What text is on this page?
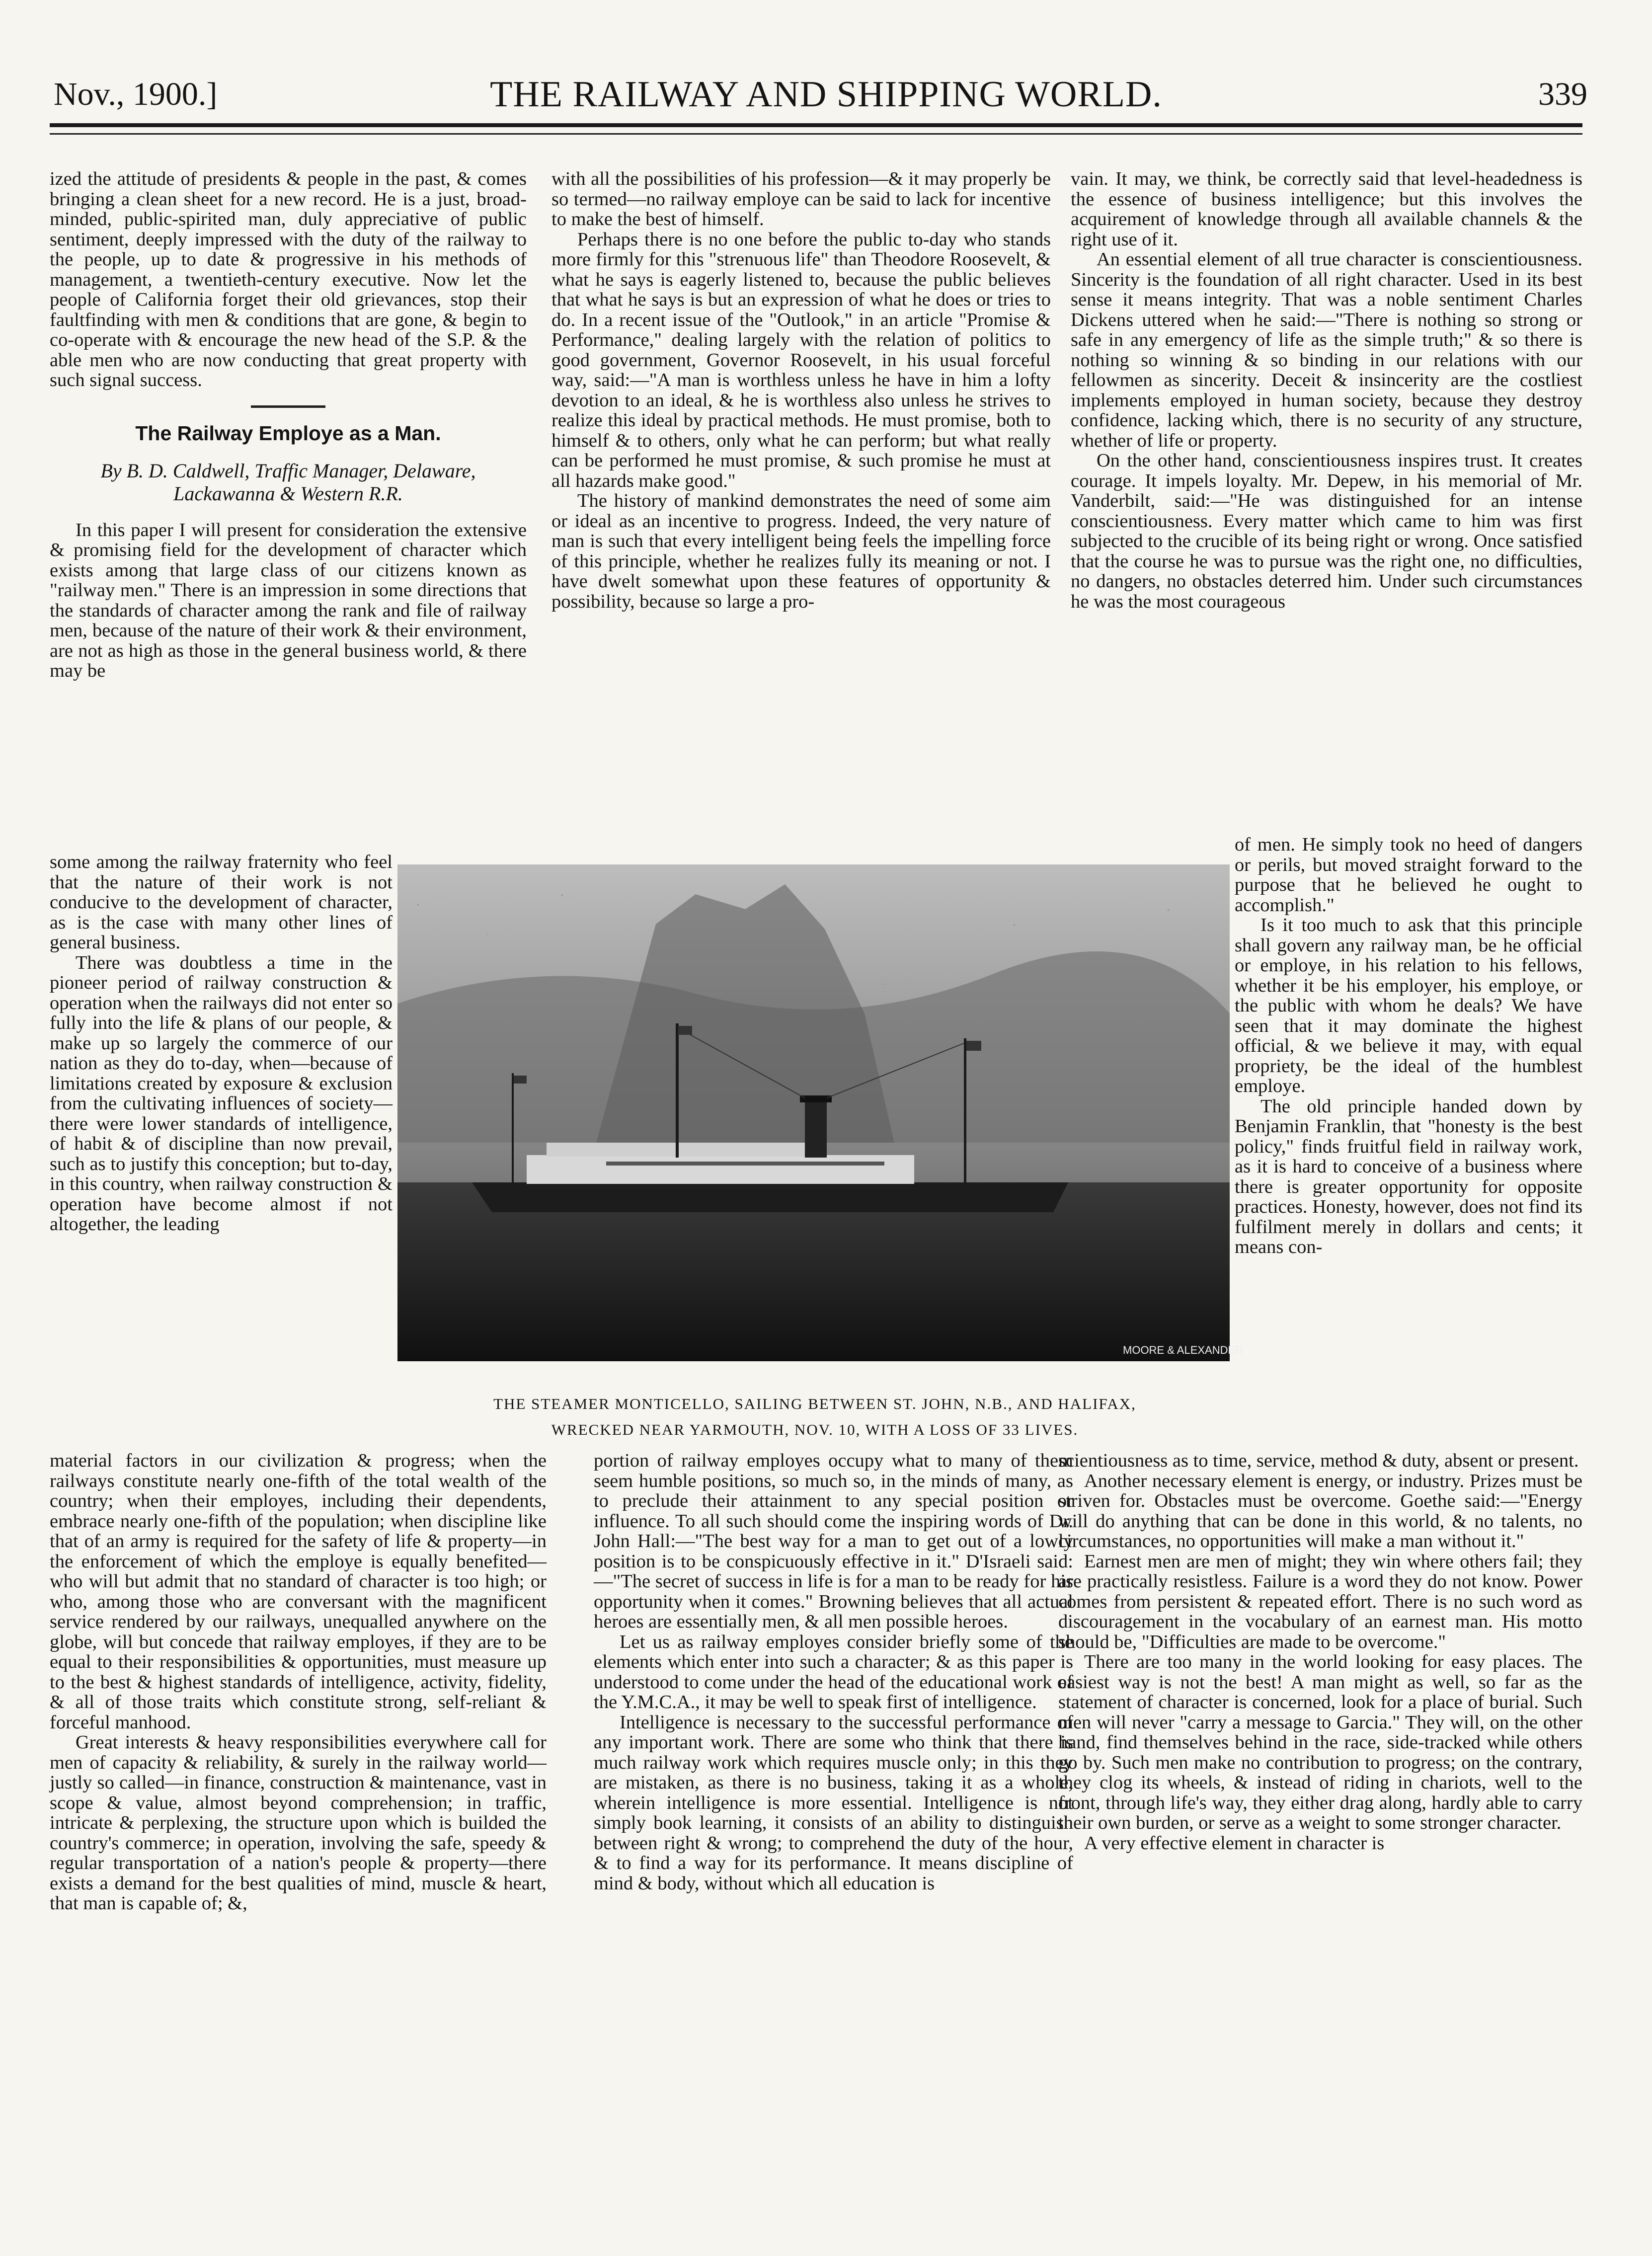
Nov., 1900.]	THE RAILWAY AND SHIPPING WORLD.	339

ized the attitude of presidents & people in the past, & comes bringing a clean sheet for a new record. He is a just, broad-minded, public-spirited man, duly appreciative of public sentiment, deeply impressed with the duty of the railway to the people, up to date & progressive in his methods of management, a twentieth-century executive. Now let the people of California forget their old grievances, stop their faultfinding with men & conditions that are gone, & begin to co-operate with & encourage the new head of the S.P. & the able men who are now conducting that great property with such signal success.

The Railway Employe as a Man.
By B. D. Caldwell, Traffic Manager, Delaware, Lackawanna & Western R.R.

In this paper I will present for consideration the extensive & promising field for the development of character which exists among that large class of our citizens known as "railway men." There is an impression in some directions that the standards of character among the rank and file of railway men, because of the nature of their work & their environment, are not as high as those in the general business world, & there may be

some among the railway fraternity who feel that the nature of their work is not conducive to the development of character, as is the case with many other lines of general business.

There was doubtless a time in the pioneer period of railway construction & operation when the railways did not enter so fully into the life & plans of our people, & make up so largely the commerce of our nation as they do to-day, when—because of limitations created by exposure & exclusion from the cultivating influences of society—there were lower standards of intelligence, of habit & of discipline than now prevail, such as to justify this conception; but to-day, in this country, when railway construction & operation have become almost if not altogether, the leading

with all the possibilities of his profession—& it may properly be so termed—no railway employe can be said to lack for incentive to make the best of himself.

Perhaps there is no one before the public to-day who stands more firmly for this "strenuous life" than Theodore Roosevelt, & what he says is eagerly listened to, because the public believes that what he says is but an expression of what he does or tries to do. In a recent issue of the "Outlook," in an article "Promise & Performance," dealing largely with the relation of politics to good government, Governor Roosevelt, in his usual forceful way, said:—"A man is worthless unless he have in him a lofty devotion to an ideal, & he is worthless also unless he strives to realize this ideal by practical methods. He must promise, both to himself & to others, only what he can perform; but what really can be performed he must promise, & such promise he must at all hazards make good."

The history of mankind demonstrates the need of some aim or ideal as an incentive to progress. Indeed, the very nature of man is such that every intelligent being feels the impelling force of this principle, whether he realizes fully its meaning or not. I have dwelt somewhat upon these features of opportunity & possibility, because so large a pro-

vain. It may, we think, be correctly said that level-headedness is the essence of business intelligence; but this involves the acquirement of knowledge through all available channels & the right use of it.

An essential element of all true character is conscientiousness. Sincerity is the foundation of all right character. Used in its best sense it means integrity. That was a noble sentiment Charles Dickens uttered when he said:—"There is nothing so strong or safe in any emergency of life as the simple truth;" & so there is nothing so winning & so binding in our relations with our fellowmen as sincerity. Deceit & insincerity are the costliest implements employed in human society, because they destroy confidence, lacking which, there is no security of any structure, whether of life or property.

On the other hand, conscientiousness inspires trust. It creates courage. It impels loyalty. Mr. Depew, in his memorial of Mr. Vanderbilt, said:—"He was distinguished for an intense conscientiousness. Every matter which came to him was first subjected to the crucible of its being right or wrong. Once satisfied that the course he was to pursue was the right one, no difficulties, no dangers, no obstacles deterred him. Under such circumstances he was the most courageous

of men. He simply took no heed of dangers or perils, but moved straight forward to the purpose that he believed he ought to accomplish."

Is it too much to ask that this principle shall govern any railway man, be he official or employe, in his relation to his fellows, whether it be his employer, his employe, or the public with whom he deals? We have seen that it may dominate the highest official, & we believe it may, with equal propriety, be the ideal of the humblest employe.

The old principle handed down by Benjamin Franklin, that "honesty is the best policy," finds fruitful field in railway work, as it is hard to conceive of a business where there is greater opportunity for opposite practices. Honesty, however, does not find its fulfilment merely in dollars and cents; it means con-

MOORE & ALEXANDER
THE STEAMER MONTICELLO, SAILING BETWEEN ST. JOHN, N.B., AND HALIFAX,
WRECKED NEAR YARMOUTH, NOV. 10, WITH A LOSS OF 33 LIVES.

material factors in our civilization & progress; when the railways constitute nearly one-fifth of the total wealth of the country; when their employes, including their dependents, embrace nearly one-fifth of the population; when discipline like that of an army is required for the safety of life & property—in the enforcement of which the employe is equally benefited—who will but admit that no standard of character is too high; or who, among those who are conversant with the magnificent service rendered by our railways, unequalled anywhere on the globe, will but concede that railway employes, if they are to be equal to their responsibilities & opportunities, must measure up to the best & highest standards of intelligence, activity, fidelity, & all of those traits which constitute strong, self-reliant & forceful manhood.

Great interests & heavy responsibilities everywhere call for men of capacity & reliability, & surely in the railway world—justly so called—in finance, construction & maintenance, vast in scope & value, almost beyond comprehension; in traffic, intricate & perplexing, the structure upon which is builded the country's commerce; in operation, involving the safe, speedy & regular transportation of a nation's people & property—there exists a demand for the best qualities of mind, muscle & heart, that man is capable of; &,

portion of railway employes occupy what to many of them seem humble positions, so much so, in the minds of many, as to preclude their attainment to any special position or influence. To all such should come the inspiring words of Dr. John Hall:—"The best way for a man to get out of a lowly position is to be conspicuously effective in it." D'Israeli said:—"The secret of success in life is for a man to be ready for his opportunity when it comes." Browning believes that all actual heroes are essentially men, & all men possible heroes.

Let us as railway employes consider briefly some of the elements which enter into such a character; & as this paper is understood to come under the head of the educational work of the Y.M.C.A., it may be well to speak first of intelligence.

Intelligence is necessary to the successful performance of any important work. There are some who think that there is much railway work which requires muscle only; in this they are mistaken, as there is no business, taking it as a whole, wherein intelligence is more essential. Intelligence is not simply book learning, it consists of an ability to distinguish between right & wrong; to comprehend the duty of the hour, & to find a way for its performance. It means discipline of mind & body, without which all education is

scientiousness as to time, service, method & duty, absent or present.

Another necessary element is energy, or industry. Prizes must be striven for. Obstacles must be overcome. Goethe said:—"Energy will do anything that can be done in this world, & no talents, no circumstances, no opportunities will make a man without it."

Earnest men are men of might; they win where others fail; they are practically resistless. Failure is a word they do not know. Power comes from persistent & repeated effort. There is no such word as discouragement in the vocabulary of an earnest man. His motto should be, "Difficulties are made to be overcome."

There are too many in the world looking for easy places. The easiest way is not the best! A man might as well, so far as the statement of character is concerned, look for a place of burial. Such men will never "carry a message to Garcia." They will, on the other hand, find themselves behind in the race, side-tracked while others go by. Such men make no contribution to progress; on the contrary, they clog its wheels, & instead of riding in chariots, well to the front, through life's way, they either drag along, hardly able to carry their own burden, or serve as a weight to some stronger character.

A very effective element in character is
